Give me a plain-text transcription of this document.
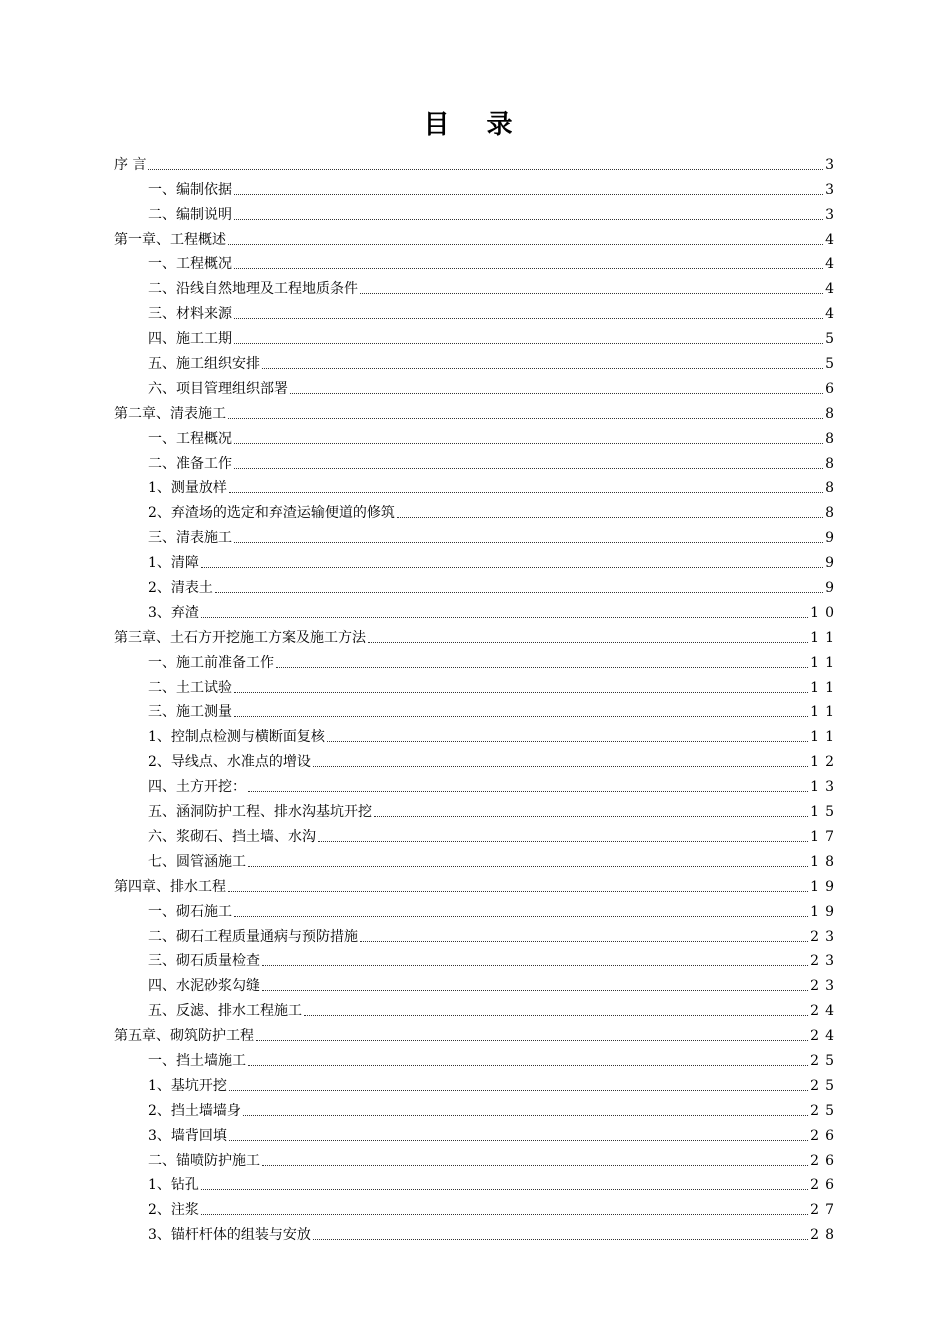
目 录
序 言	3
一、编制依据	3
二、编制说明	3
第一章、工程概述	4
一、工程概况	4
二、沿线自然地理及工程地质条件	4
三、材料来源	4
四、施工工期	5
五、施工组织安排	5
六、项目管理组织部署	6
第二章、清表施工	8
一、工程概况	8
二、准备工作	8
1、测量放样	8
2、弃渣场的选定和弃渣运输便道的修筑	8
三、清表施工	9
1、清障	9
2、清表土	9
3、弃渣	10
第三章、土石方开挖施工方案及施工方法	11
一、施工前准备工作	11
二、土工试验	11
三、施工测量	11
1、控制点检测与横断面复核	11
2、导线点、水准点的增设	12
四、土方开挖：	13
五、涵洞防护工程、排水沟基坑开挖	15
六、浆砌石、挡土墙、水沟	17
七、圆管涵施工	18
第四章、排水工程	19
一、砌石施工	19
二、砌石工程质量通病与预防措施	23
三、砌石质量检查	23
四、水泥砂浆勾缝	23
五、反滤、排水工程施工	24
第五章、砌筑防护工程	24
一、挡土墙施工	25
1、基坑开挖	25
2、挡土墙墙身	25
3、墙背回填	26
二、锚喷防护施工	26
1、钻孔	26
2、注浆	27
3、锚杆杆体的组装与安放	28
